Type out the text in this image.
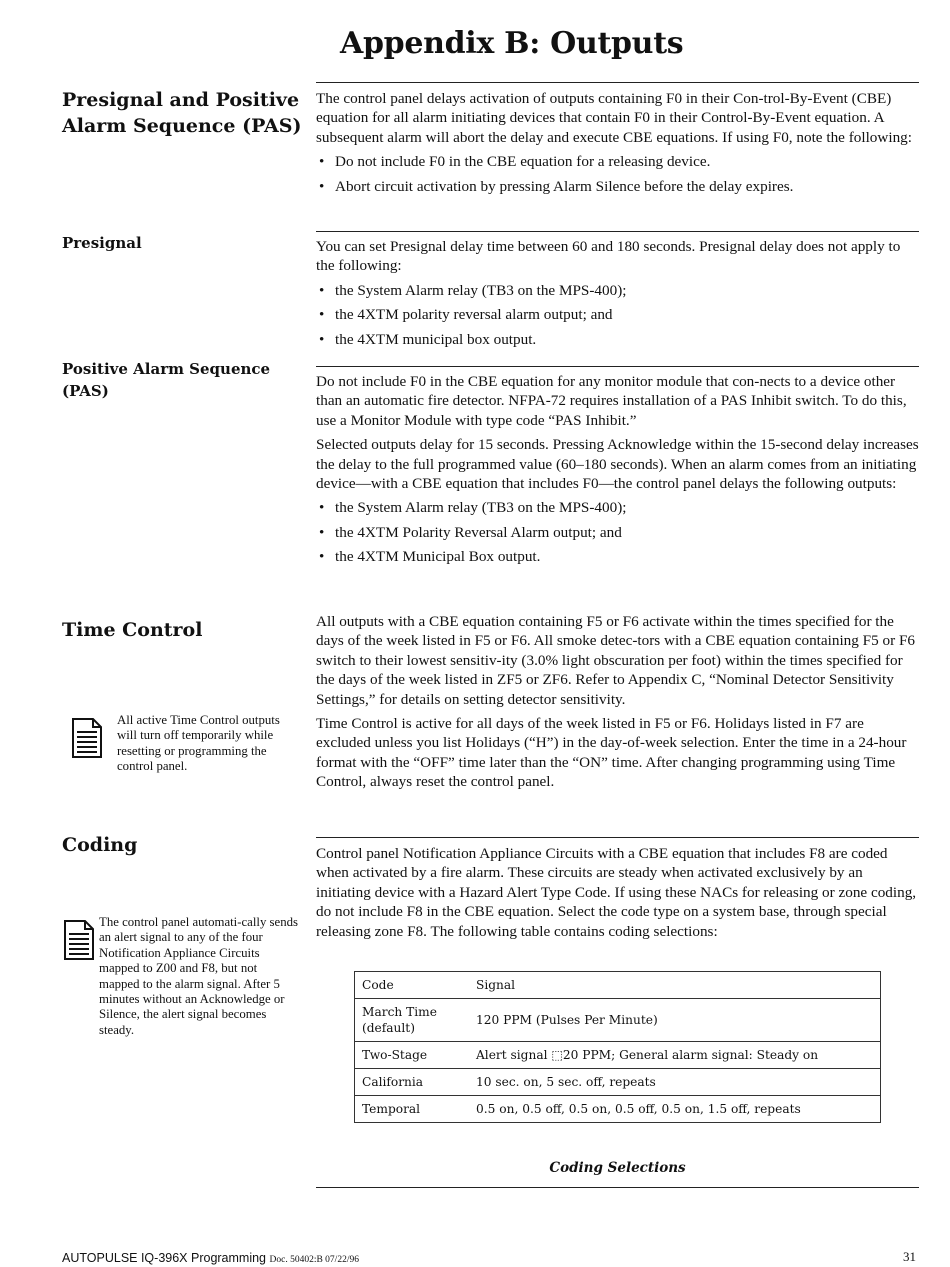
Appendix B: Outputs
Presignal and Positive Alarm Sequence (PAS)

The control panel delays activation of outputs containing F0 in their Con-trol-By-Event (CBE) equation for all alarm initiating devices that contain F0 in their Control-By-Event equation. A subsequent alarm will abort the delay and execute CBE equations. If using F0, note the following:

• Do not include F0 in the CBE equation for a releasing device.
• Abort circuit activation by pressing Alarm Silence before the delay expires.
Presignal	You can set Presignal delay time between 60 and 180 seconds. Presignal delay does not apply to the following:

• the System Alarm relay (TB3 on the MPS-400);
• the 4XTM polarity reversal alarm output; and
• the 4XTM municipal box output.
Positive Alarm Sequence (PAS)

Do not include F0 in the CBE equation for any monitor module that con-nects to a device other than an automatic fire detector. NFPA-72 requires installation of a PAS Inhibit switch. To do this, use a Monitor Module with type code “PAS Inhibit.”

Selected outputs delay for 15 seconds. Pressing Acknowledge within the 15-second delay increases the delay to the full programmed value (60–180 seconds). When an alarm comes from an initiating device—with a CBE equation that includes F0—the control panel delays the following outputs:

• the System Alarm relay (TB3 on the MPS-400);
• the 4XTM Polarity Reversal Alarm output; and
• the 4XTM Municipal Box output.
Time Control
All active Time Control outputs will turn off temporarily while resetting or programming the control panel.

All outputs with a CBE equation containing F5 or F6 activate within the times specified for the days of the week listed in F5 or F6. All smoke detec-tors with a CBE equation containing F5 or F6 switch to their lowest sensitiv-ity (3.0% light obscuration per foot) within the times specified for the days of the week listed in ZF5 or ZF6. Refer to Appendix C, “Nominal Detector Sensitivity Settings,” for details on setting detector sensitivity.

Time Control is active for all days of the week listed in F5 or F6. Holidays listed in F7 are excluded unless you list Holidays (“H”) in the day-of-week selection. Enter the time in a 24-hour format with the “OFF” time later than the “ON” time. After changing programming using Time Control, always reset the control panel.

Coding
The control panel automati-cally sends an alert signal to any of the four Notification Appliance Circuits mapped to Z00 and F8, but not mapped to the alarm signal. After 5 minutes without an Acknowledge or Silence, the alert signal becomes steady.

Control panel Notification Appliance Circuits with a CBE equation that includes F8 are coded when activated by a fire alarm. These circuits are steady when activated exclusively by an initiating device with a Hazard Alert Type Code. If using these NACs for releasing or zone coding, do not include F8 in the CBE equation. Select the code type on a system base, through special releasing zone F8. The following table contains coding selections:

Code	Signal
March Time (default)	120 PPM (Pulses Per Minute)
Two-Stage	Alert signal ⬚20 PPM; General alarm signal: Steady on
California	10 sec. on, 5 sec. off, repeats
Temporal	0.5 on, 0.5 off, 0.5 on, 0.5 off, 0.5 on, 1.5 off, repeats
Coding Selections
AUTOPULSE IQ-396X Programming Doc. 50402:B 07/22/96	31
